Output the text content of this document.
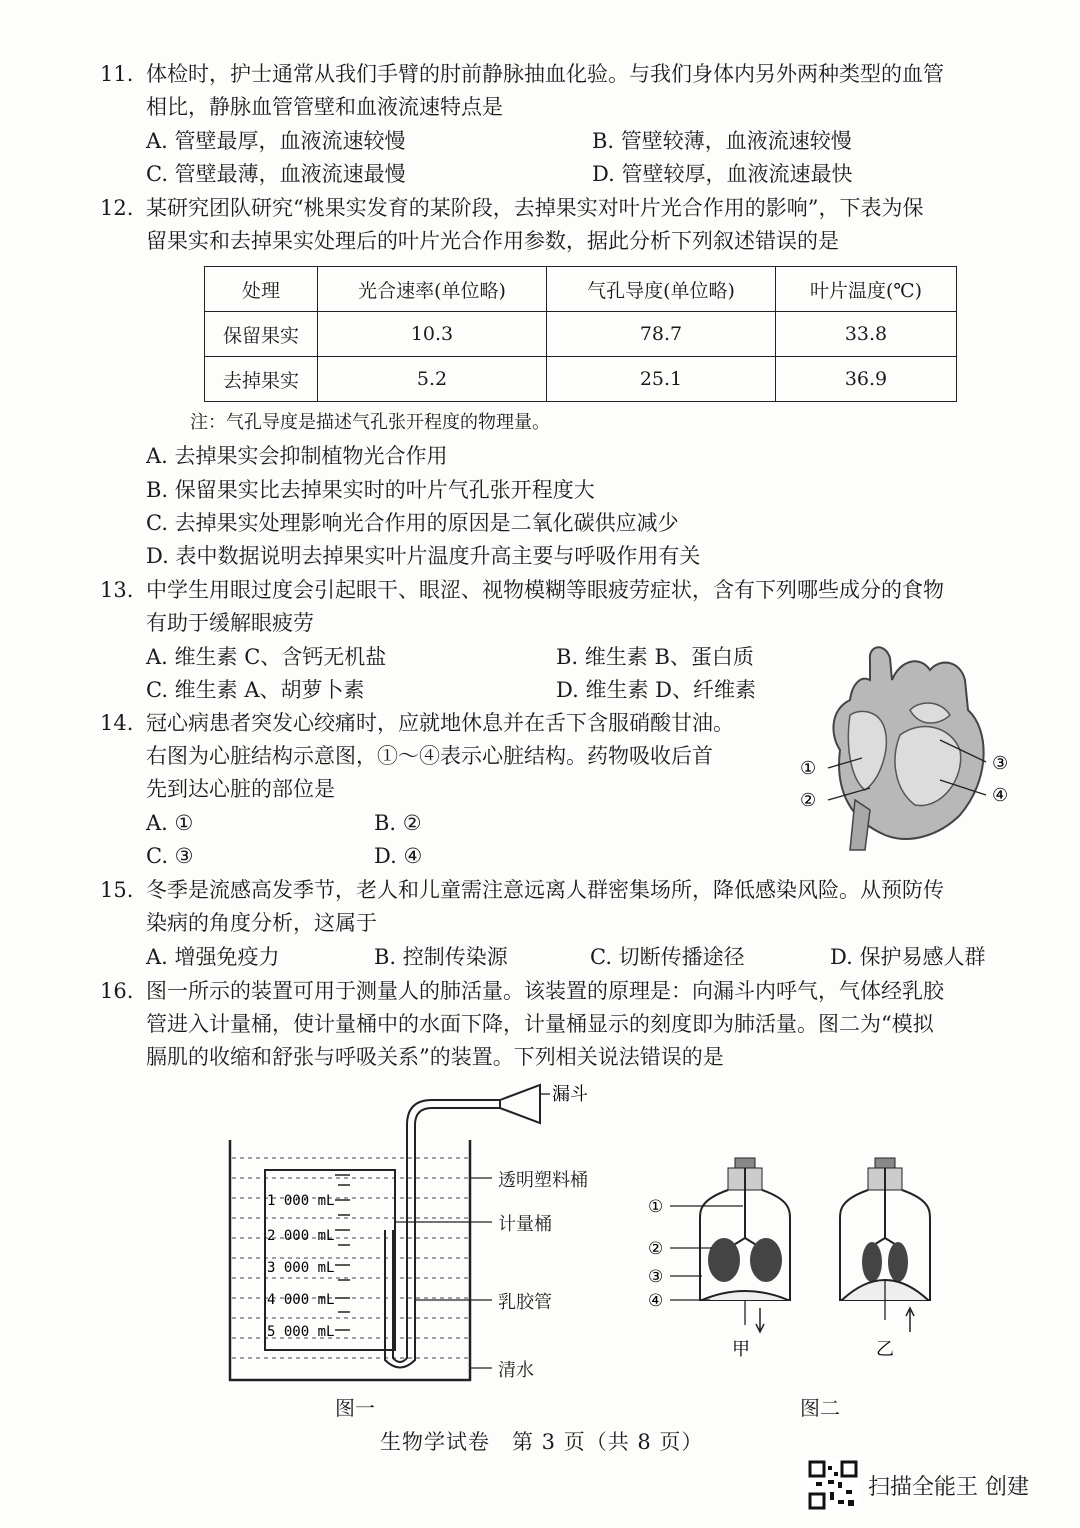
11. 体检时，护士通常从我们手臂的肘前静脉抽血化验。与我们身体内另外两种类型的血管
相比，静脉血管管壁和血液流速特点是
A. 管壁最厚，血液流速较慢	B. 管壁较薄，血液流速较慢
C. 管壁最薄，血液流速最慢	D. 管壁较厚，血液流速最快
12. 某研究团队研究“桃果实发育的某阶段，去掉果实对叶片光合作用的影响”，下表为保
留果实和去掉果实处理后的叶片光合作用参数，据此分析下列叙述错误的是
处理	光合速率(单位略)	气孔导度(单位略)	叶片温度(℃)
保留果实	10.3	78.7	33.8
去掉果实	5.2	25.1	36.9
注：气孔导度是描述气孔张开程度的物理量。
A. 去掉果实会抑制植物光合作用
B. 保留果实比去掉果实时的叶片气孔张开程度大
C. 去掉果实处理影响光合作用的原因是二氧化碳供应减少
D. 表中数据说明去掉果实叶片温度升高主要与呼吸作用有关
13. 中学生用眼过度会引起眼干、眼涩、视物模糊等眼疲劳症状，含有下列哪些成分的食物
有助于缓解眼疲劳
A. 维生素 C、含钙无机盐	B. 维生素 B、蛋白质
C. 维生素 A、胡萝卜素	D. 维生素 D、纤维素
14. 冠心病患者突发心绞痛时，应就地休息并在舌下含服硝酸甘油。
右图为心脏结构示意图，①～④表示心脏结构。药物吸收后首
先到达心脏的部位是
A. ①	B. ②
C. ③	D. ④
①
②
③
④
15. 冬季是流感高发季节，老人和儿童需注意远离人群密集场所，降低感染风险。从预防传
染病的角度分析，这属于
A. 增强免疫力	B. 控制传染源	C. 切断传播途径	D. 保护易感人群
16. 图一所示的装置可用于测量人的肺活量。该装置的原理是：向漏斗内呼气，气体经乳胶
管进入计量桶，使计量桶中的水面下降，计量桶显示的刻度即为肺活量。图二为“模拟
膈肌的收缩和舒张与呼吸关系”的装置。下列相关说法错误的是
1 000 mL
2 000 mL
3 000 mL
4 000 mL
5 000 mL
漏斗
透明塑料桶
计量桶
乳胶管
清水
图一
①
②
③
④
甲	乙
图二
生物学试卷　第 3 页（共 8 页）
扫描全能王 创建
